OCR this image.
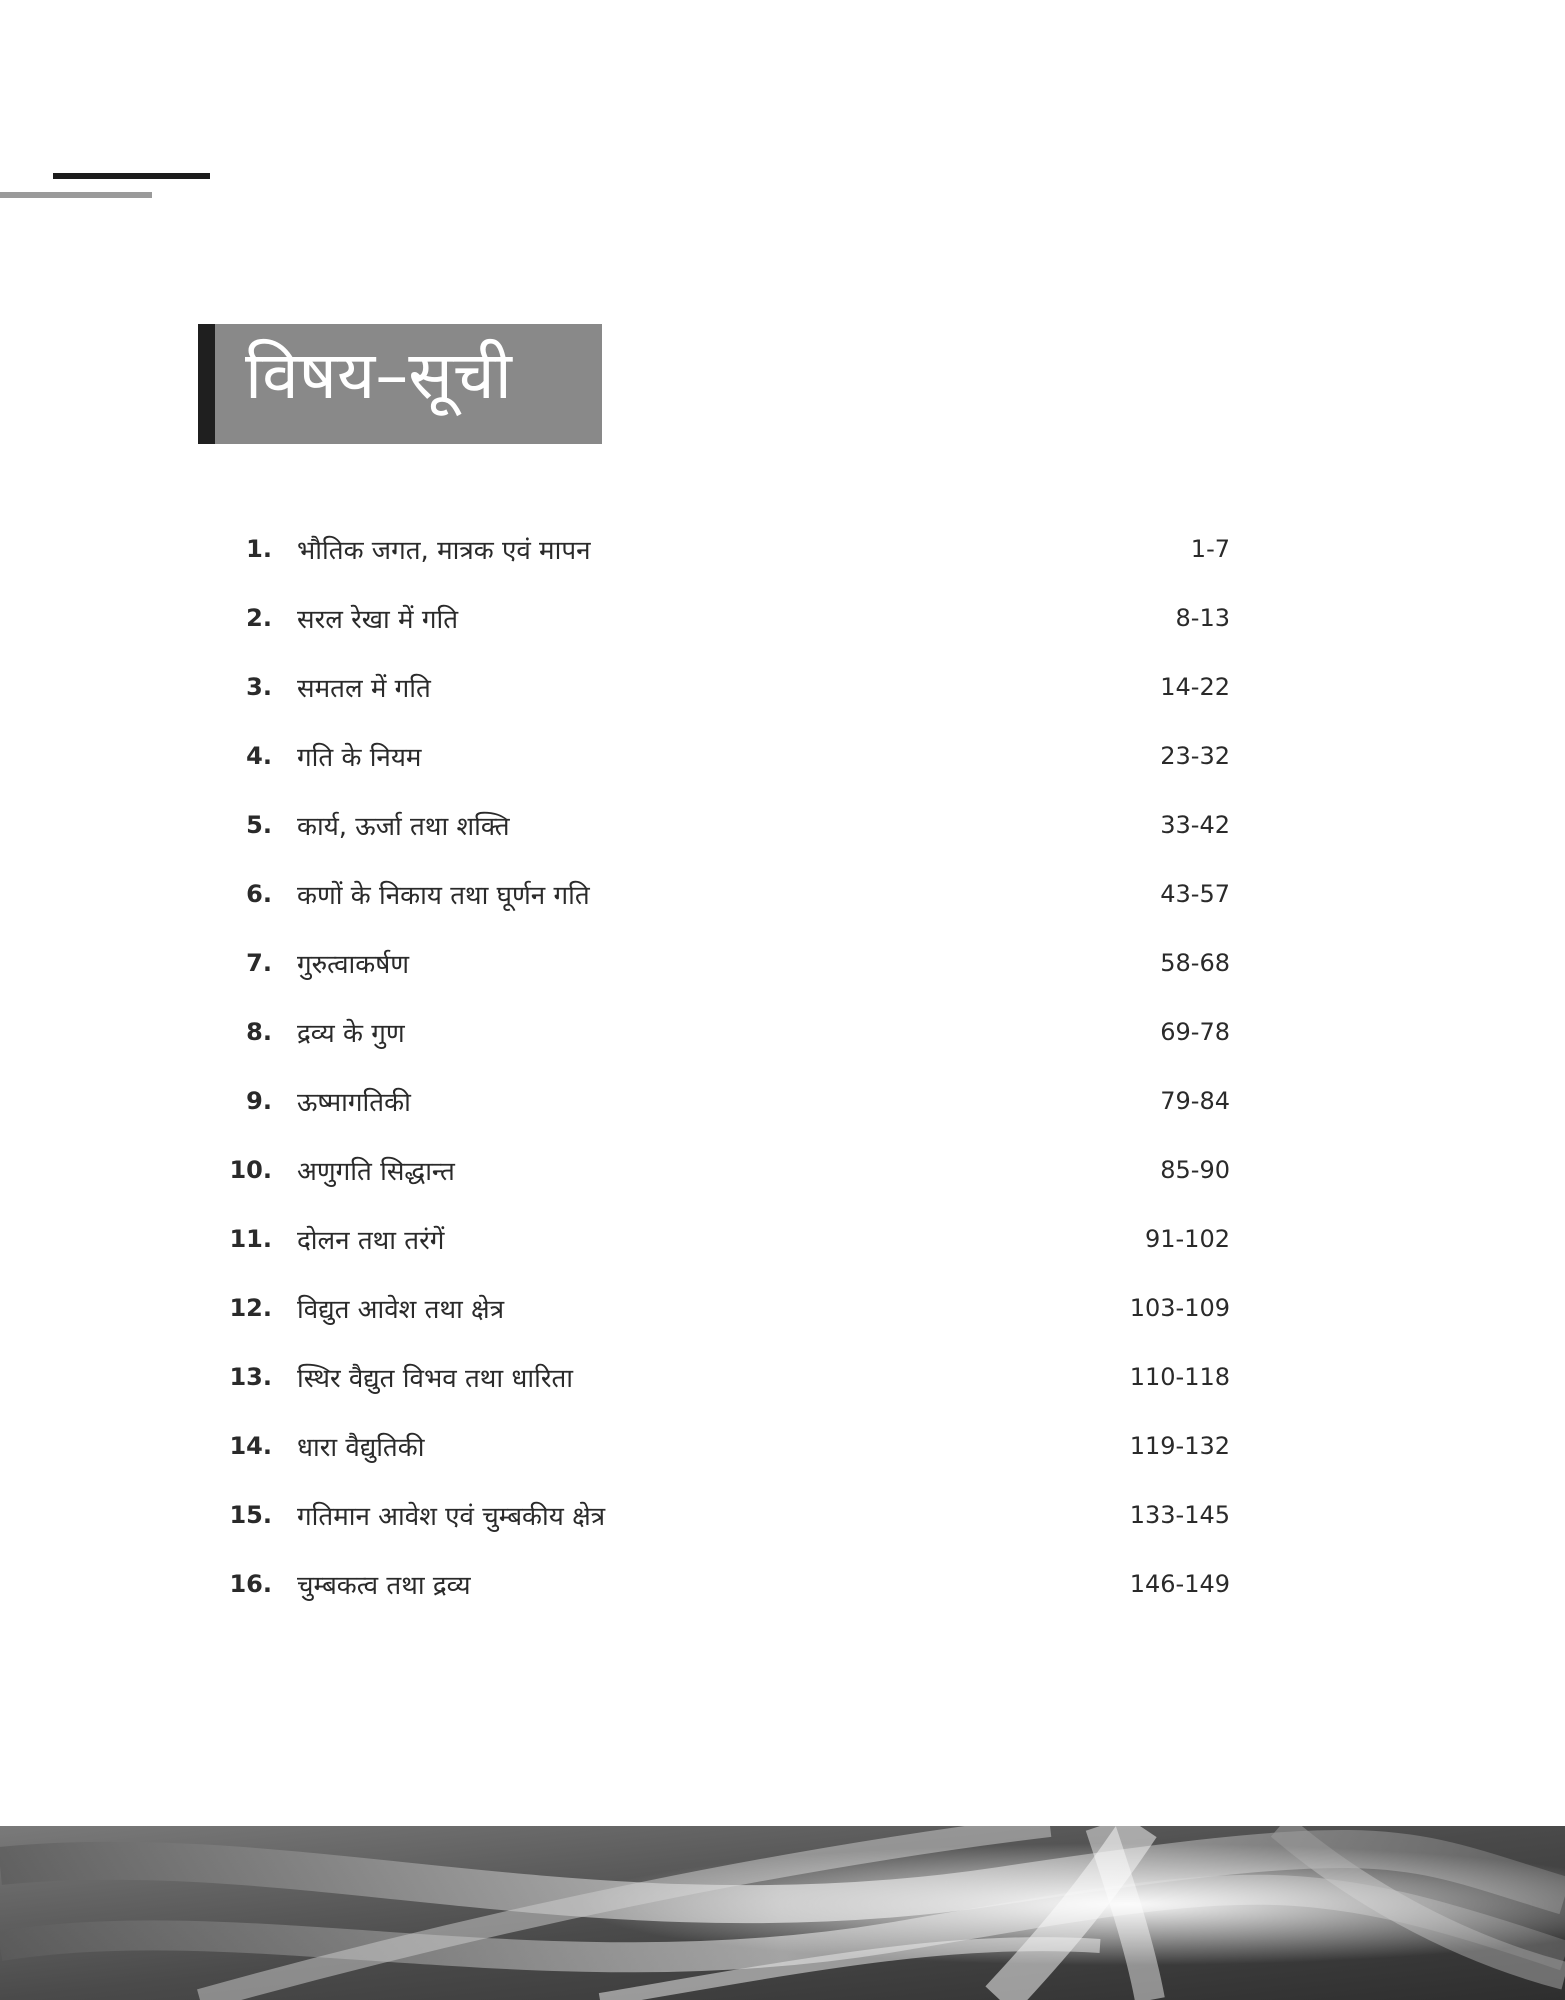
विषय–सूची
1. भौतिक जगत, मात्रक एवं मापन	1-7
2. सरल रेखा में गति	8-13
3. समतल में गति	14-22
4. गति के नियम	23-32
5. कार्य, ऊर्जा तथा शक्ति	33-42
6. कणों के निकाय तथा घूर्णन गति	43-57
7. गुरुत्वाकर्षण	58-68
8. द्रव्य के गुण	69-78
9. ऊष्मागतिकी	79-84
10. अणुगति सिद्धान्त	85-90
11. दोलन तथा तरंगें	91-102
12. विद्युत आवेश तथा क्षेत्र	103-109
13. स्थिर वैद्युत विभव तथा धारिता	110-118
14. धारा वैद्युतिकी	119-132
15. गतिमान आवेश एवं चुम्बकीय क्षेत्र	133-145
16. चुम्बकत्व तथा द्रव्य	146-149
